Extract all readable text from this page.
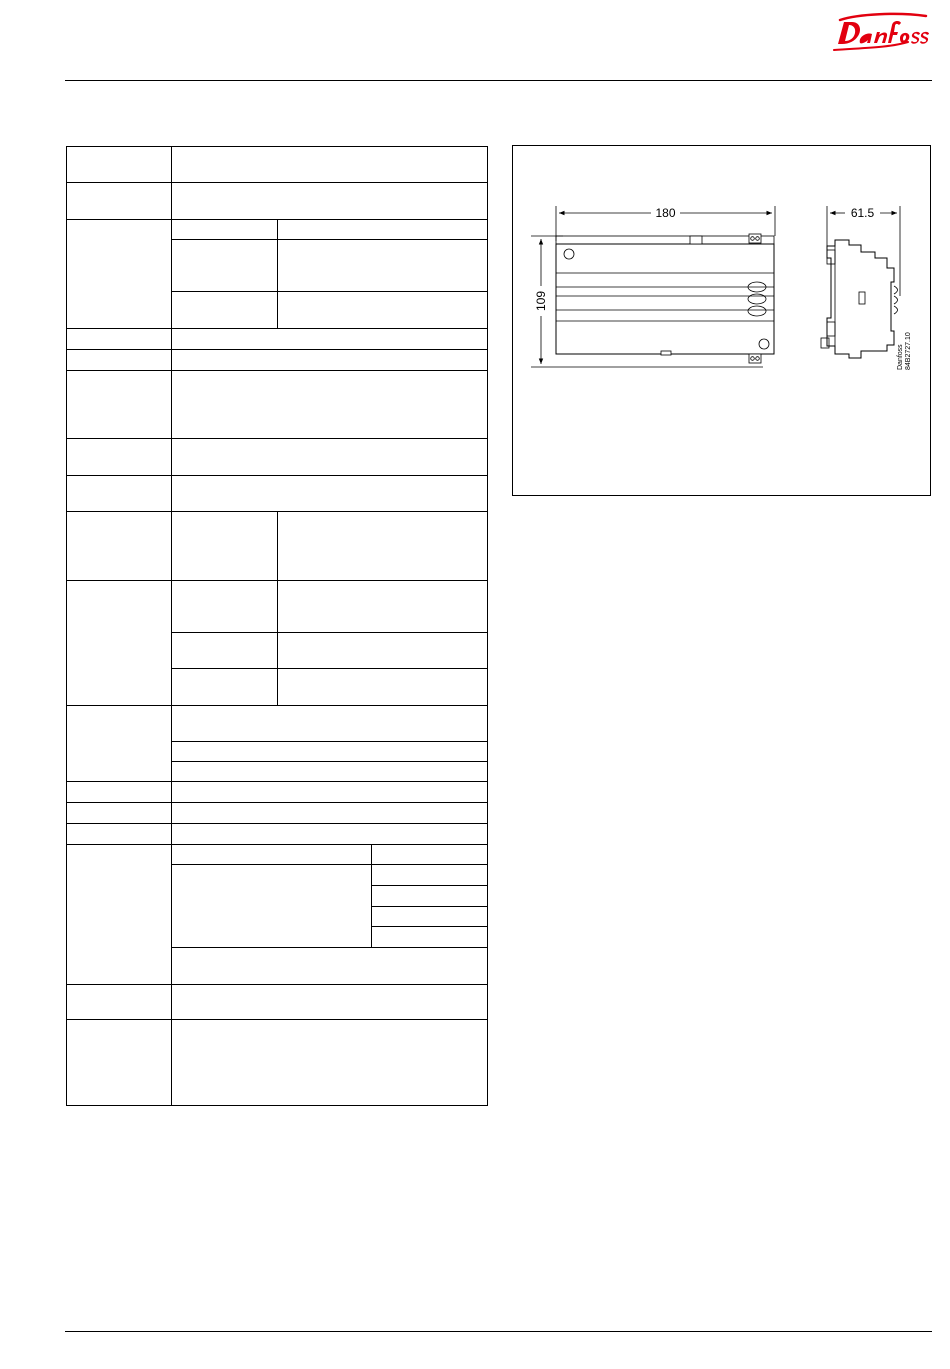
180
109
61.5
Danfoss 84B2727.10
